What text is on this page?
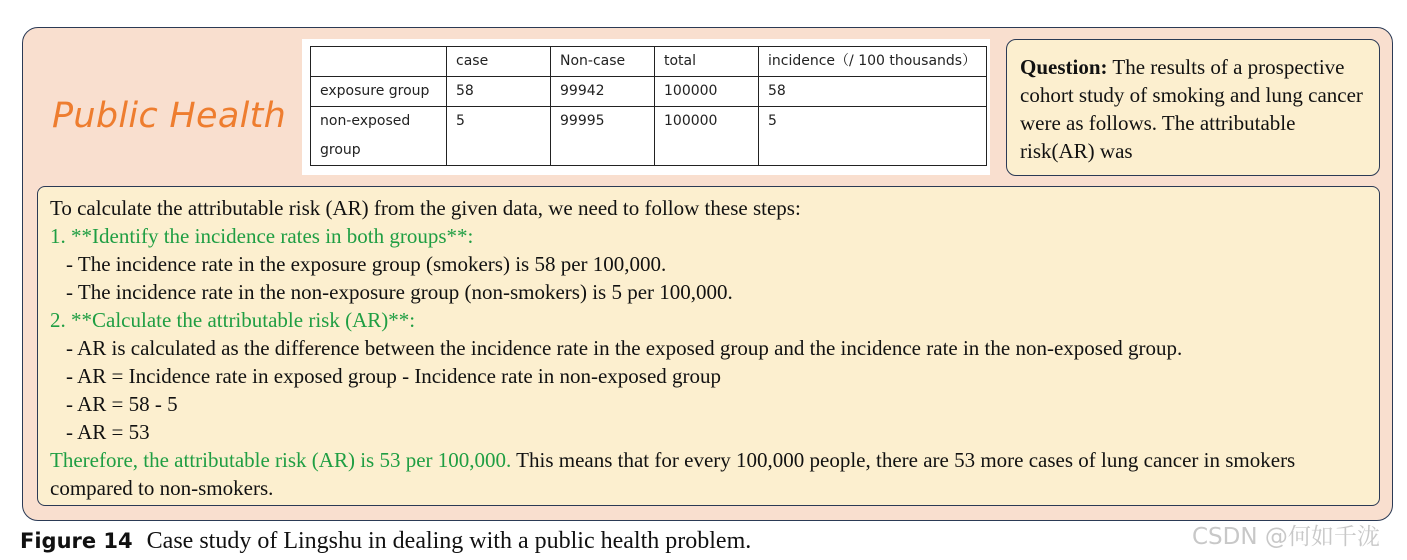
Public Health
	case	Non-case	total	incidence（/ 100 thousands）
exposure group	58	99942	100000	58
non-exposed group	5	99995	100000	5
Question: The results of a prospective cohort study of smoking and lung cancer were as follows. The attributable risk(AR) was
To calculate the attributable risk (AR) from the given data, we need to follow these steps:
1. **Identify the incidence rates in both groups**:
- The incidence rate in the exposure group (smokers) is 58 per 100,000.
- The incidence rate in the non-exposure group (non-smokers) is 5 per 100,000.
2. **Calculate the attributable risk (AR)**:
- AR is calculated as the difference between the incidence rate in the exposed group and the incidence rate in the non-exposed group.
- AR = Incidence rate in exposed group - Incidence rate in non-exposed group
- AR = 58 - 5
- AR = 53
Therefore, the attributable risk (AR) is 53 per 100,000. This means that for every 100,000 people, there are 53 more cases of lung cancer in smokers compared to non-smokers.
Figure 14 Case study of Lingshu in dealing with a public health problem.	CSDN @何如千泷
